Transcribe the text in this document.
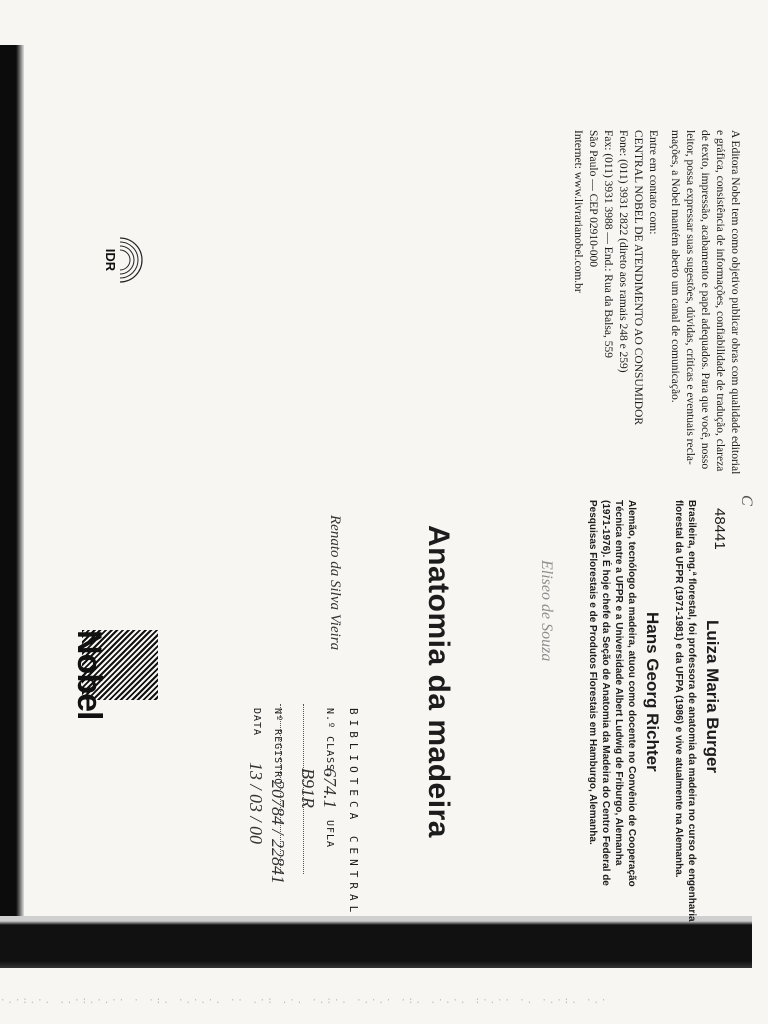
·.·:.·. ..·:.·.·· · ·:. ·.·.·. ·· .·: .·. ·.:·. ·.·.· ·:. .·.·. :·.·· ·. ·.·:. ·.·
A Editora Nobel tem como objetivo publicar obras com qualidade editorial
e gráfica, consistência de informações, confiabilidade de tradução, clareza
de texto, impressão, acabamento e papel adequados. Para que você, nosso
leitor, possa expressar suas sugestões, dúvidas, críticas e eventuais recla-
mações, a Nobel mantém aberto um canal de comunicação.
Entre em contato com:
CENTRAL NOBEL DE ATENDIMENTO AO CONSUMIDOR
Fone: (011) 3931 2822 (direto aos ramais 248 e 259)
Fax: (011) 3931 3988 — End.: Rua da Balsa, 559
São Paulo — CEP 02910-000
Internet: www.livrarianobel.com.br
IDR
Nobel
C
48441
Luiza Maria Burger
Brasileira, eng.ª florestal, foi professora de anatomia da madeira no curso de engenharia
florestal da UFPR (1971-1981) e da UFPA (1986) e vive atualmente na Alemanha.
Hans Georg Richter
Alemão, tecnólogo da madeira, atuou como docente no Convênio de Cooperação
Técnica entre a UFPR e a Universidade Albert Ludwig de Friburgo, Alemanha
(1971-1976). É hoje chefe da Seção de Anatomia da Madeira do Centro Federal de
Pesquisas Florestais e de Produtos Florestais em Hamburgo, Alemanha.
Eliseo de Souza
Anatomia da madeira
Renato da Silva Vieira
BIBLIOTECA CENTRAL
N.º CLASS.
674.1
UFLA
B91R
Nº REGISTRO
20784 / 22841
DATA
13 / 03 / 00
